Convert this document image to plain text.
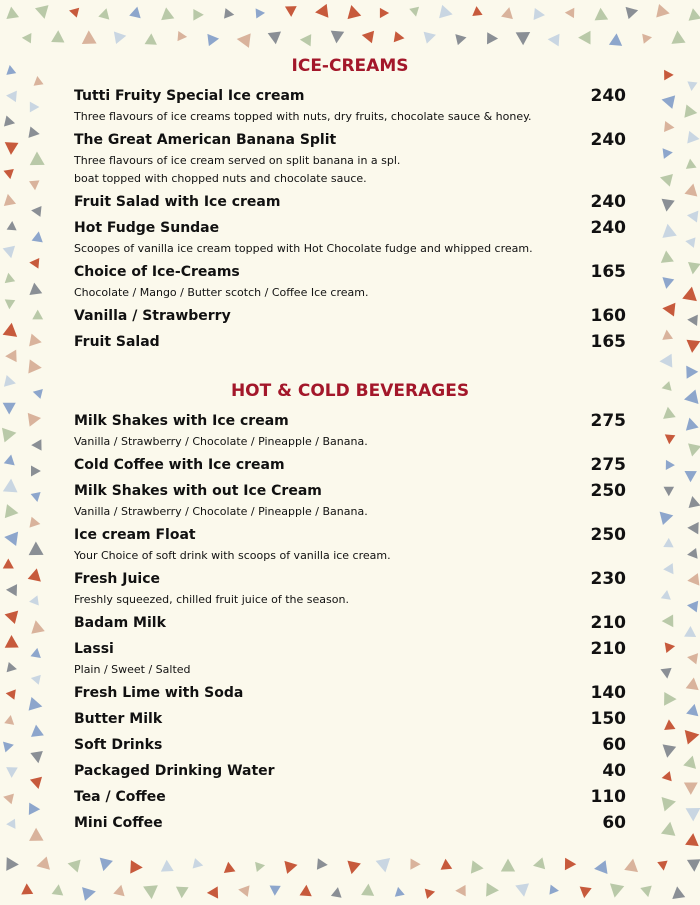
ICE-CREAMS
Tutti Fruity Special Ice cream	240
Three flavours of ice creams topped with nuts, dry fruits, chocolate sauce & honey.
The Great American Banana Split	240
Three flavours of ice cream served on split banana in a spl.
boat topped with chopped nuts and chocolate sauce.
Fruit Salad with Ice cream	240
Hot Fudge Sundae	240
Scoopes of vanilla ice cream topped with Hot Chocolate fudge and whipped cream.
Choice of Ice-Creams	165
Chocolate / Mango / Butter scotch / Coffee Ice cream.
Vanilla / Strawberry	160
Fruit Salad	165
HOT & COLD BEVERAGES
Milk Shakes with Ice cream	275
Vanilla / Strawberry / Chocolate / Pineapple / Banana.
Cold Coffee with Ice cream	275
Milk Shakes with out Ice Cream	250
Vanilla / Strawberry / Chocolate / Pineapple / Banana.
Ice cream Float	250
Your Choice of soft drink with scoops of vanilla ice cream.
Fresh Juice	230
Freshly squeezed, chilled fruit juice of the season.
Badam Milk	210
Lassi	210
Plain / Sweet / Salted
Fresh Lime with Soda	140
Butter Milk	150
Soft Drinks	60
Packaged Drinking Water	40
Tea / Coffee	110
Mini Coffee	60
